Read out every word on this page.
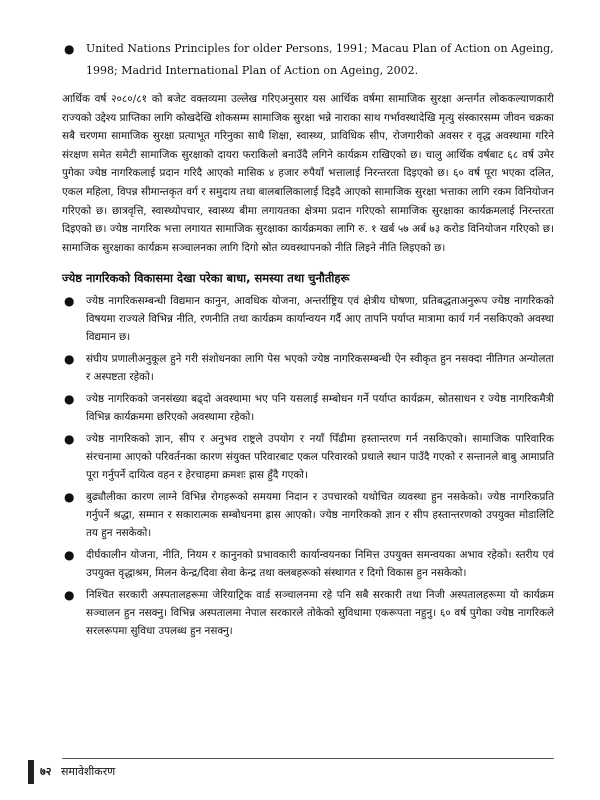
● United Nations Principles for older Persons, 1991; Macau Plan of Action on Ageing, 1998; Madrid International Plan of Action on Ageing, 2002.

आर्थिक वर्ष २०८०/८१ को बजेट वक्तव्यमा उल्लेख गरिएअनुसार यस आर्थिक वर्षमा सामाजिक सुरक्षा अन्तर्गत लोककल्याणकारी राज्यको उद्देश्य प्राप्तिका लागि कोखदेखि शोकसम्म सामाजिक सुरक्षा भन्ने नाराका साथ गर्भावस्थादेखि मृत्यु संस्कारसम्म जीवन चक्रका सबै चरणमा सामाजिक सुरक्षा प्रत्याभूत गरिनुका साथै शिक्षा, स्वास्थ्य, प्राविधिक सीप, रोजगारीको अवसर र वृद्ध अवस्थामा गरिने संरक्षण समेत समेटी सामाजिक सुरक्षाको दायरा फराकिलो बनाउँदै लगिने कार्यक्रम राखिएको छ। चालु आर्थिक वर्षबाट ६८ वर्ष उमेर पुगेका ज्येष्ठ नागरिकलाई प्रदान गरिदै आएको मासिक ४ हजार रुपैयाँ भत्तालाई निरन्तरता दिइएको छ। ६० वर्ष पूरा भएका दलित, एकल महिला, विपन्न सीमान्तकृत वर्ग र समुदाय तथा बालबालिकालाई दिइदै आएको सामाजिक सुरक्षा भत्ताका लागि रकम विनियोजन गरिएको छ। छात्रवृत्ति, स्वास्थ्योपचार, स्वास्थ्य बीमा लगायतका क्षेत्रमा प्रदान गरिएको सामाजिक सुरक्षाका कार्यक्रमलाई निरन्तरता दिइएको छ। ज्येष्ठ नागरिक भत्ता लगायत सामाजिक सुरक्षाका कार्यक्रमका लागि रु. १ खर्ब ५७ अर्ब ७३ करोड विनियोजन गरिएको छ। सामाजिक सुरक्षाका कार्यक्रम सञ्चालनका लागि दिगो स्रोत व्यवस्थापनको नीति लिइने नीति लिइएको छ।

ज्येष्ठ नागरिकको विकासमा देखा परेका बाधा, समस्या तथा चुनौतीहरू
● ज्येष्ठ नागरिकसम्बन्धी विद्यमान कानुन, आवधिक योजना, अन्तर्राष्ट्रिय एवं क्षेत्रीय घोषणा, प्रतिबद्धताअनुरूप ज्येष्ठ नागरिकको विषयमा राज्यले विभिन्न नीति, रणनीति तथा कार्यक्रम कार्यान्वयन गर्दै आए तापनि पर्याप्त मात्रामा कार्य गर्न नसकिएकाे अवस्था विद्यमान छ।
● संघीय प्रणालीअनुकूल हुने गरी संशोधनका लागि पेस भएको ज्येष्ठ नागरिकसम्बन्धी ऐन स्वीकृत हुन नसक्दा नीतिगत अन्योलता र अस्पष्टता रहेको।
● ज्येष्ठ नागरिकको जनसंख्या बढ्दो अवस्थामा भए पनि यसलाई सम्बोधन गर्ने पर्याप्त कार्यक्रम, स्रोतसाधन र ज्येष्ठ नागरिकमैत्री विभिन्न कार्यक्रममा छरिएको अवस्थामा रहेको।
● ज्येष्ठ नागरिकको ज्ञान, सीप र अनुभव राष्ट्रले उपयोग र नयाँ पिँढीमा हस्तान्तरण गर्न नसकिएको। सामाजिक पारिवारिक संरचनामा आएको परिवर्तनका कारण संयुक्त परिवारबाट एकल परिवारको प्रथाले स्थान पाउँदै गएको र सन्तानले बाबु आमाप्रति पूरा गर्नुपर्ने दायित्व वहन र हेरचाहमा क्रमशः ह्रास हुँदै गएको।
● बुढ्यौलीका कारण लाग्ने विभिन्न रोगहरूको समयमा निदान र उपचारको यथोचित व्यवस्था हुन नसकेको। ज्येष्ठ नागरिकप्रति गर्नुपर्ने श्रद्धा, सम्मान र सकारात्मक सम्बोधनमा ह्रास आएको। ज्येष्ठ नागरिकको ज्ञान र सीप हस्तान्तरणको उपयुक्त मोडालिटि तय हुन नसकेको।
● दीर्घकालीन योजना, नीति, नियम र कानुनको प्रभावकारी कार्यान्वयनका निमित्त उपयुक्त समन्वयका अभाव रहेको। स्तरीय एवं उपयुक्त वृद्धाश्रम, मिलन केन्द्र/दिवा सेवा केन्द्र तथा क्लबहरूको संस्थागत र दिगो विकास हुन नसकेको।
● निश्चित सरकारी अस्पतालहरूमा जेरियाट्रिक वार्ड सञ्चालनमा रहे पनि सबै सरकारी तथा निजी अस्पतालहरूमा यो कार्यक्रम सञ्चालन हुन नसक्नु। विभिन्न अस्पतालमा नेपाल सरकारले तोकेको सुविधामा एकरूपता नहुनु। ६० वर्ष पुगेका ज्येष्ठ नागरिकले सरलरूपमा सुविधा उपलब्ध हुन नसक्नु।
७२ समावेशीकरण
